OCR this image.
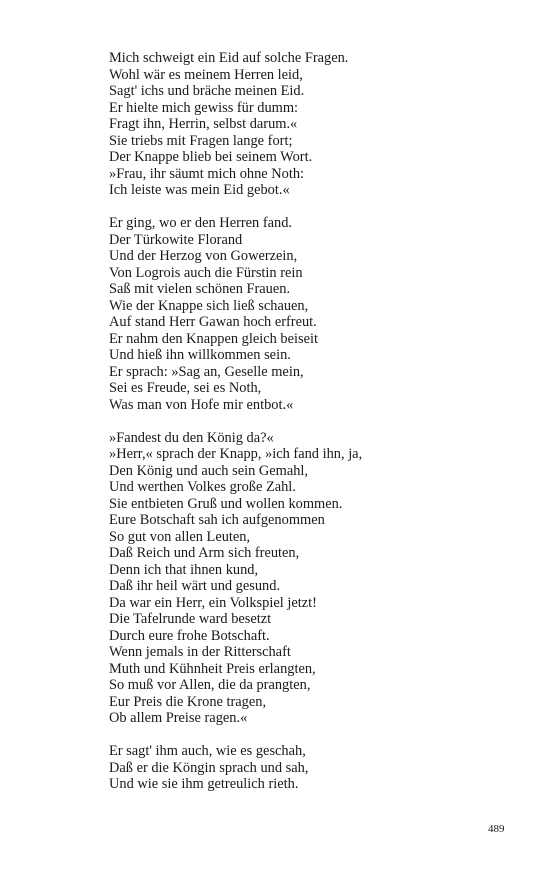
Mich schweigt ein Eid auf solche Fragen.
Wohl wär es meinem Herren leid,
Sagt' ichs und bräche meinen Eid.
Er hielte mich gewiss für dumm:
Fragt ihn, Herrin, selbst darum.«
Sie triebs mit Fragen lange fort;
Der Knappe blieb bei seinem Wort.
»Frau, ihr säumt mich ohne Noth:
Ich leiste was mein Eid gebot.«
Er ging, wo er den Herren fand.
Der Türkowite Florand
Und der Herzog von Gowerzein,
Von Logrois auch die Fürstin rein
Saß mit vielen schönen Frauen.
Wie der Knappe sich ließ schauen,
Auf stand Herr Gawan hoch erfreut.
Er nahm den Knappen gleich beiseit
Und hieß ihn willkommen sein.
Er sprach: »Sag an, Geselle mein,
Sei es Freude, sei es Noth,
Was man von Hofe mir entbot.«
»Fandest du den König da?«
»Herr,« sprach der Knapp, »ich fand ihn, ja,
Den König und auch sein Gemahl,
Und werthen Volkes große Zahl.
Sie entbieten Gruß und wollen kommen.
Eure Botschaft sah ich aufgenommen
So gut von allen Leuten,
Daß Reich und Arm sich freuten,
Denn ich that ihnen kund,
Daß ihr heil wärt und gesund.
Da war ein Herr, ein Volkspiel jetzt!
Die Tafelrunde ward besetzt
Durch eure frohe Botschaft.
Wenn jemals in der Ritterschaft
Muth und Kühnheit Preis erlangten,
So muß vor Allen, die da prangten,
Eur Preis die Krone tragen,
Ob allem Preise ragen.«
Er sagt' ihm auch, wie es geschah,
Daß er die Köngin sprach und sah,
Und wie sie ihm getreulich rieth.
489
